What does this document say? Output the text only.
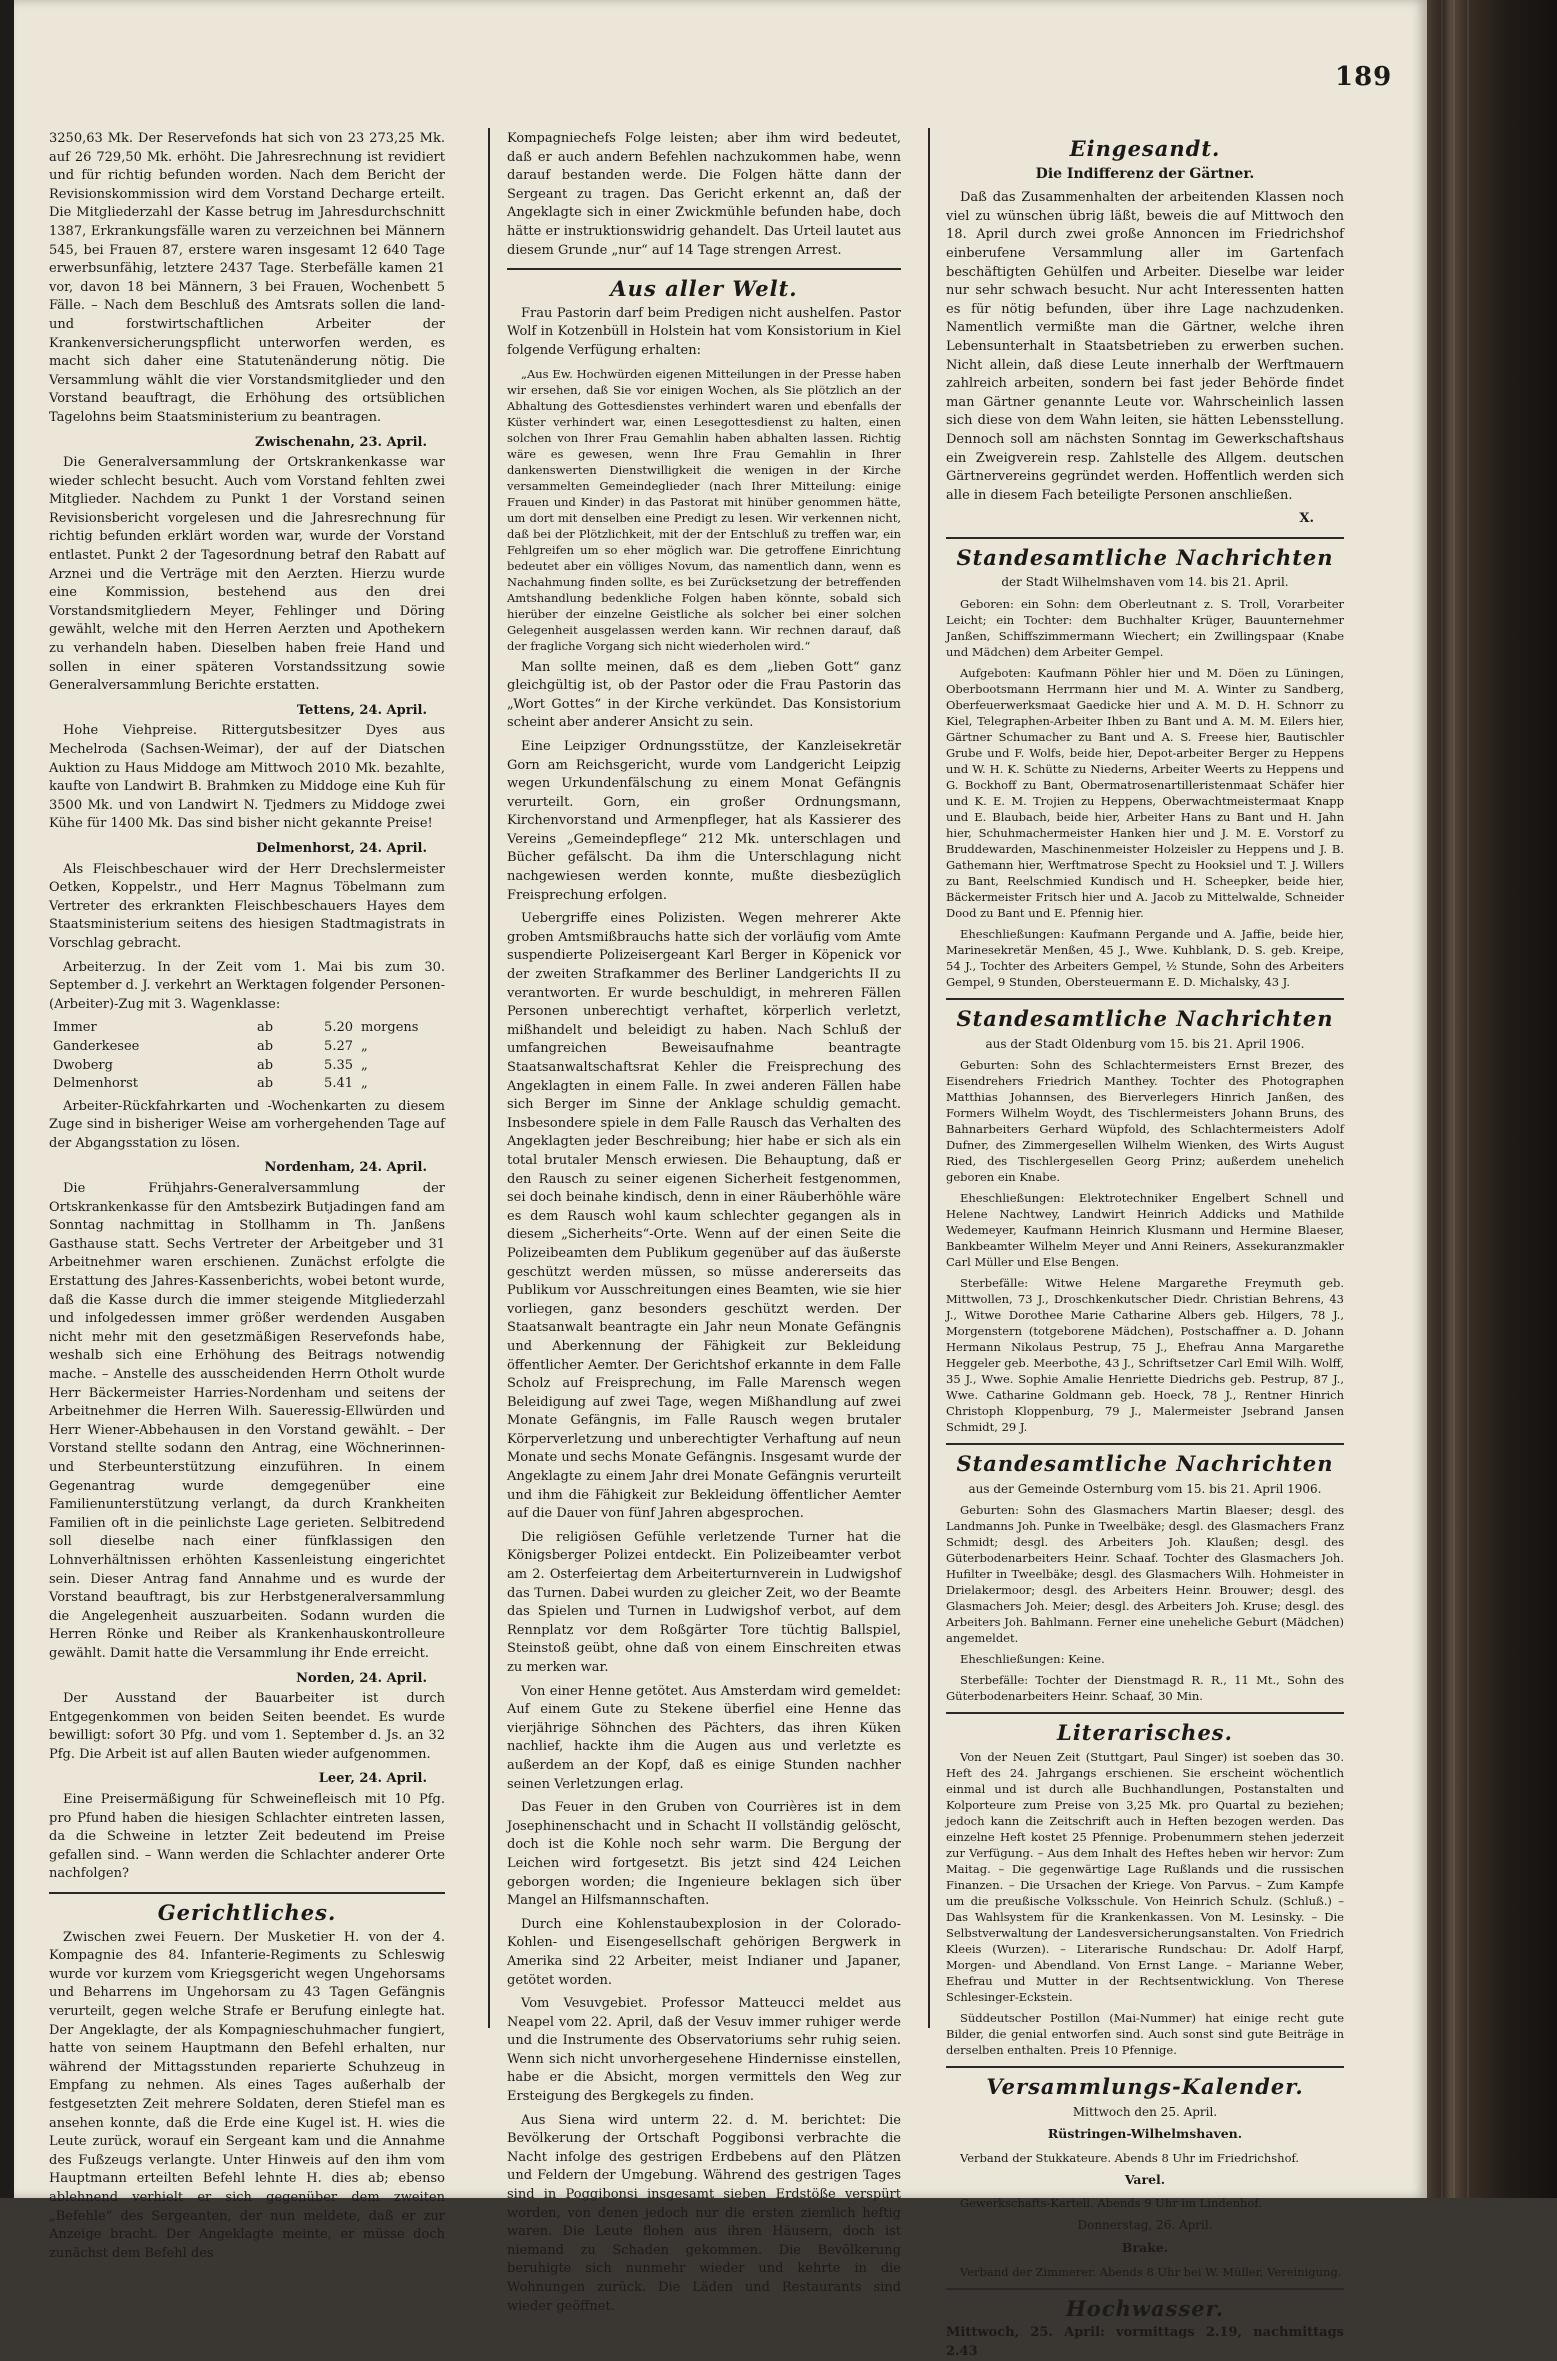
189

3250,63 Mk. Der Reservefonds hat sich von 23 273,25 Mk. auf 26 729,50 Mk. erhöht. Die Jahresrechnung ist revidiert und für richtig befunden worden. Nach dem Bericht der Revisionskommission wird dem Vorstand Decharge erteilt. Die Mitgliederzahl der Kasse betrug im Jahresdurchschnitt 1387, Erkrankungsfälle waren zu verzeichnen bei Männern 545, bei Frauen 87, erstere waren insgesamt 12 640 Tage erwerbsunfähig, letztere 2437 Tage. Sterbefälle kamen 21 vor, davon 18 bei Männern, 3 bei Frauen, Wochenbett 5 Fälle. – Nach dem Beschluß des Amtsrats sollen die land- und forstwirtschaftlichen Arbeiter der Krankenversicherungspflicht unterworfen werden, es macht sich daher eine Statutenänderung nötig. Die Versammlung wählt die vier Vorstandsmitglieder und den Vorstand beauftragt, die Erhöhung des ortsüblichen Tagelohns beim Staatsministerium zu beantragen.

Zwischenahn, 23. April.

Die Generalversammlung der Ortskrankenkasse war wieder schlecht besucht. Auch vom Vorstand fehlten zwei Mitglieder. Nachdem zu Punkt 1 der Vorstand seinen Revisionsbericht vorgelesen und die Jahresrechnung für richtig befunden erklärt worden war, wurde der Vorstand entlastet. Punkt 2 der Tagesordnung betraf den Rabatt auf Arznei und die Verträge mit den Aerzten. Hierzu wurde eine Kommission, bestehend aus den drei Vorstandsmitgliedern Meyer, Fehlinger und Döring gewählt, welche mit den Herren Aerzten und Apothekern zu verhandeln haben. Dieselben haben freie Hand und sollen in einer späteren Vorstandssitzung sowie Generalversammlung Berichte erstatten.

Tettens, 24. April.

Hohe Viehpreise. Rittergutsbesitzer Dyes aus Mechelroda (Sachsen-Weimar), der auf der Diatschen Auktion zu Haus Middoge am Mittwoch 2010 Mk. bezahlte, kaufte von Landwirt B. Brahmken zu Middoge eine Kuh für 3500 Mk. und von Landwirt N. Tjedmers zu Middoge zwei Kühe für 1400 Mk. Das sind bisher nicht gekannte Preise!

Delmenhorst, 24. April.

Als Fleischbeschauer wird der Herr Drechslermeister Oetken, Koppelstr., und Herr Magnus Töbelmann zum Vertreter des erkrankten Fleischbeschauers Hayes dem Staatsministerium seitens des hiesigen Stadtmagistrats in Vorschlag gebracht.

Arbeiterzug. In der Zeit vom 1. Mai bis zum 30. September d. J. verkehrt an Werktagen folgender Personen-(Arbeiter)-Zug mit 3. Wagenklasse:

Immer	ab	5.20	morgens
Ganderkesee	ab	5.27	„
Dwoberg	ab	5.35	„
Delmenhorst	ab	5.41	„

Arbeiter-Rückfahrkarten und -Wochenkarten zu diesem Zuge sind in bisheriger Weise am vorhergehenden Tage auf der Abgangsstation zu lösen.

Nordenham, 24. April.

Die Frühjahrs-Generalversammlung der Ortskrankenkasse für den Amtsbezirk Butjadingen fand am Sonntag nachmittag in Stollhamm in Th. Janßens Gasthause statt. Sechs Vertreter der Arbeitgeber und 31 Arbeitnehmer waren erschienen. Zunächst erfolgte die Erstattung des Jahres-Kassenberichts, wobei betont wurde, daß die Kasse durch die immer steigende Mitgliederzahl und infolgedessen immer größer werdenden Ausgaben nicht mehr mit den gesetzmäßigen Reservefonds habe, weshalb sich eine Erhöhung des Beitrags notwendig mache. – Anstelle des ausscheidenden Herrn Otholt wurde Herr Bäckermeister Harries-Nordenham und seitens der Arbeitnehmer die Herren Wilh. Saueressig-Ellwürden und Herr Wiener-Abbehausen in den Vorstand gewählt. – Der Vorstand stellte sodann den Antrag, eine Wöchnerinnen- und Sterbeunterstützung einzuführen. In einem Gegenantrag wurde demgegenüber eine Familienunterstützung verlangt, da durch Krankheiten Familien oft in die peinlichste Lage gerieten. Selbitredend soll dieselbe nach einer fünfklassigen den Lohnverhältnissen erhöhten Kassenleistung eingerichtet sein. Dieser Antrag fand Annahme und es wurde der Vorstand beauftragt, bis zur Herbstgeneralversammlung die Angelegenheit auszuarbeiten. Sodann wurden die Herren Rönke und Reiber als Krankenhauskontrolleure gewählt. Damit hatte die Versammlung ihr Ende erreicht.

Norden, 24. April.

Der Ausstand der Bauarbeiter ist durch Entgegenkommen von beiden Seiten beendet. Es wurde bewilligt: sofort 30 Pfg. und vom 1. September d. Js. an 32 Pfg. Die Arbeit ist auf allen Bauten wieder aufgenommen.

Leer, 24. April.

Eine Preisermäßigung für Schweinefleisch mit 10 Pfg. pro Pfund haben die hiesigen Schlachter eintreten lassen, da die Schweine in letzter Zeit bedeutend im Preise gefallen sind. – Wann werden die Schlachter anderer Orte nachfolgen?

Gerichtliches.

Zwischen zwei Feuern. Der Musketier H. von der 4. Kompagnie des 84. Infanterie-Regiments zu Schleswig wurde vor kurzem vom Kriegsgericht wegen Ungehorsams und Beharrens im Ungehorsam zu 43 Tagen Gefängnis verurteilt, gegen welche Strafe er Berufung einlegte hat. Der Angeklagte, der als Kompagnieschuhmacher fungiert, hatte von seinem Hauptmann den Befehl erhalten, nur während der Mittagsstunden reparierte Schuhzeug in Empfang zu nehmen. Als eines Tages außerhalb der festgesetzten Zeit mehrere Soldaten, deren Stiefel man es ansehen konnte, daß die Erde eine Kugel ist. H. wies die Leute zurück, worauf ein Sergeant kam und die Annahme des Fußzeugs verlangte. Unter Hinweis auf den ihm vom Hauptmann erteilten Befehl lehnte H. dies ab; ebenso ablehnend verhielt er sich gegenüber dem zweiten „Befehle“ des Sergeanten, der nun meldete, daß er zur Anzeige bracht. Der Angeklagte meinte, er müsse doch zunächst dem Befehl des

Kompagniechefs Folge leisten; aber ihm wird bedeutet, daß er auch andern Befehlen nachzukommen habe, wenn darauf bestanden werde. Die Folgen hätte dann der Sergeant zu tragen. Das Gericht erkennt an, daß der Angeklagte sich in einer Zwickmühle befunden habe, doch hätte er instruktionswidrig gehandelt. Das Urteil lautet aus diesem Grunde „nur“ auf 14 Tage strengen Arrest.

Aus aller Welt.

Frau Pastorin darf beim Predigen nicht aushelfen. Pastor Wolf in Kotzenbüll in Holstein hat vom Konsistorium in Kiel folgende Verfügung erhalten:

„Aus Ew. Hochwürden eigenen Mitteilungen in der Presse haben wir ersehen, daß Sie vor einigen Wochen, als Sie plötzlich an der Abhaltung des Gottesdienstes verhindert waren und ebenfalls der Küster verhindert war, einen Lesegottesdienst zu halten, einen solchen von Ihrer Frau Gemahlin haben abhalten lassen. Richtig wäre es gewesen, wenn Ihre Frau Gemahlin in Ihrer dankenswerten Dienstwilligkeit die wenigen in der Kirche versammelten Gemeindeglieder (nach Ihrer Mitteilung: einige Frauen und Kinder) in das Pastorat mit hinüber genommen hätte, um dort mit denselben eine Predigt zu lesen. Wir verkennen nicht, daß bei der Plötzlichkeit, mit der der Entschluß zu treffen war, ein Fehlgreifen um so eher möglich war. Die getroffene Einrichtung bedeutet aber ein völliges Novum, das namentlich dann, wenn es Nachahmung finden sollte, es bei Zurücksetzung der betreffenden Amtshandlung bedenkliche Folgen haben könnte, sobald sich hierüber der einzelne Geistliche als solcher bei einer solchen Gelegenheit ausgelassen werden kann. Wir rechnen darauf, daß der fragliche Vorgang sich nicht wiederholen wird.“

Man sollte meinen, daß es dem „lieben Gott“ ganz gleichgültig ist, ob der Pastor oder die Frau Pastorin das „Wort Gottes“ in der Kirche verkündet. Das Konsistorium scheint aber anderer Ansicht zu sein.

Eine Leipziger Ordnungsstütze, der Kanzleisekretär Gorn am Reichsgericht, wurde vom Landgericht Leipzig wegen Urkundenfälschung zu einem Monat Gefängnis verurteilt. Gorn, ein großer Ordnungsmann, Kirchenvorstand und Armenpfleger, hat als Kassierer des Vereins „Gemeindepflege“ 212 Mk. unterschlagen und Bücher gefälscht. Da ihm die Unterschlagung nicht nachgewiesen werden konnte, mußte diesbezüglich Freisprechung erfolgen.

Uebergriffe eines Polizisten. Wegen mehrerer Akte groben Amtsmißbrauchs hatte sich der vorläufig vom Amte suspendierte Polizeisergeant Karl Berger in Köpenick vor der zweiten Strafkammer des Berliner Landgerichts II zu verantworten. Er wurde beschuldigt, in mehreren Fällen Personen unberechtigt verhaftet, körperlich verletzt, mißhandelt und beleidigt zu haben. Nach Schluß der umfangreichen Beweisaufnahme beantragte Staatsanwaltschaftsrat Kehler die Freisprechung des Angeklagten in einem Falle. In zwei anderen Fällen habe sich Berger im Sinne der Anklage schuldig gemacht. Insbesondere spiele in dem Falle Rausch das Verhalten des Angeklagten jeder Beschreibung; hier habe er sich als ein total brutaler Mensch erwiesen. Die Behauptung, daß er den Rausch zu seiner eigenen Sicherheit festgenommen, sei doch beinahe kindisch, denn in einer Räuberhöhle wäre es dem Rausch wohl kaum schlechter gegangen als in diesem „Sicherheits“-Orte. Wenn auf der einen Seite die Polizeibeamten dem Publikum gegenüber auf das äußerste geschützt werden müssen, so müsse andererseits das Publikum vor Ausschreitungen eines Beamten, wie sie hier vorliegen, ganz besonders geschützt werden. Der Staatsanwalt beantragte ein Jahr neun Monate Gefängnis und Aberkennung der Fähigkeit zur Bekleidung öffentlicher Aemter. Der Gerichtshof erkannte in dem Falle Scholz auf Freisprechung, im Falle Marensch wegen Beleidigung auf zwei Tage, wegen Mißhandlung auf zwei Monate Gefängnis, im Falle Rausch wegen brutaler Körperverletzung und unberechtigter Verhaftung auf neun Monate und sechs Monate Gefängnis. Insgesamt wurde der Angeklagte zu einem Jahr drei Monate Gefängnis verurteilt und ihm die Fähigkeit zur Bekleidung öffentlicher Aemter auf die Dauer von fünf Jahren abgesprochen.

Die religiösen Gefühle verletzende Turner hat die Königsberger Polizei entdeckt. Ein Polizeibeamter verbot am 2. Osterfeiertag dem Arbeiterturnverein in Ludwigshof das Turnen. Dabei wurden zu gleicher Zeit, wo der Beamte das Spielen und Turnen in Ludwigshof verbot, auf dem Rennplatz vor dem Roßgärter Tore tüchtig Ballspiel, Steinstoß geübt, ohne daß von einem Einschreiten etwas zu merken war.

Von einer Henne getötet. Aus Amsterdam wird gemeldet: Auf einem Gute zu Stekene überfiel eine Henne das vierjährige Söhnchen des Pächters, das ihren Küken nachlief, hackte ihm die Augen aus und verletzte es außerdem an der Kopf, daß es einige Stunden nachher seinen Verletzungen erlag.

Das Feuer in den Gruben von Courrières ist in dem Josephinenschacht und in Schacht II vollständig gelöscht, doch ist die Kohle noch sehr warm. Die Bergung der Leichen wird fortgesetzt. Bis jetzt sind 424 Leichen geborgen worden; die Ingenieure beklagen sich über Mangel an Hilfsmannschaften.

Durch eine Kohlenstaubexplosion in der Colorado-Kohlen- und Eisengesellschaft gehörigen Bergwerk in Amerika sind 22 Arbeiter, meist Indianer und Japaner, getötet worden.

Vom Vesuvgebiet. Professor Matteucci meldet aus Neapel vom 22. April, daß der Vesuv immer ruhiger werde und die Instrumente des Observatoriums sehr ruhig seien. Wenn sich nicht unvorhergesehene Hindernisse einstellen, habe er die Absicht, morgen vermittels den Weg zur Ersteigung des Bergkegels zu finden.

Aus Siena wird unterm 22. d. M. berichtet: Die Bevölkerung der Ortschaft Poggibonsi verbrachte die Nacht infolge des gestrigen Erdbebens auf den Plätzen und Feldern der Umgebung. Während des gestrigen Tages sind in Poggibonsi insgesamt sieben Erdstöße verspürt worden, von denen jedoch nur die ersten ziemlich heftig waren. Die Leute flohen aus ihren Häusern, doch ist niemand zu Schaden gekommen. Die Bevölkerung beruhigte sich nunmehr wieder und kehrte in die Wohnungen zurück. Die Läden und Restaurants sind wieder geöffnet.

Eingesandt.
Die Indifferenz der Gärtner.

Daß das Zusammenhalten der arbeitenden Klassen noch viel zu wünschen übrig läßt, beweis die auf Mittwoch den 18. April durch zwei große Annoncen im Friedrichshof einberufene Versammlung aller im Gartenfach beschäftigten Gehülfen und Arbeiter. Dieselbe war leider nur sehr schwach besucht. Nur acht Interessenten hatten es für nötig befunden, über ihre Lage nachzudenken. Namentlich vermißte man die Gärtner, welche ihren Lebensunterhalt in Staatsbetrieben zu erwerben suchen. Nicht allein, daß diese Leute innerhalb der Werftmauern zahlreich arbeiten, sondern bei fast jeder Behörde findet man Gärtner genannte Leute vor. Wahrscheinlich lassen sich diese von dem Wahn leiten, sie hätten Lebensstellung. Dennoch soll am nächsten Sonntag im Gewerkschaftshaus ein Zweigverein resp. Zahlstelle des Allgem. deutschen Gärtnervereins gegründet werden. Hoffentlich werden sich alle in diesem Fach beteiligte Personen anschließen.

X.
Standesamtliche Nachrichten
der Stadt Wilhelmshaven vom 14. bis 21. April.

Geboren: ein Sohn: dem Oberleutnant z. S. Troll, Vorarbeiter Leicht; ein Tochter: dem Buchhalter Krüger, Bauunternehmer Janßen, Schiffszimmermann Wiechert; ein Zwillingspaar (Knabe und Mädchen) dem Arbeiter Gempel.

Aufgeboten: Kaufmann Pöhler hier und M. Döen zu Lüningen, Oberbootsmann Herrmann hier und M. A. Winter zu Sandberg, Oberfeuerwerksmaat Gaedicke hier und A. M. D. H. Schnorr zu Kiel, Telegraphen-Arbeiter Ihben zu Bant und A. M. M. Eilers hier, Gärtner Schumacher zu Bant und A. S. Freese hier, Bautischler Grube und F. Wolfs, beide hier, Depot-arbeiter Berger zu Heppens und W. H. K. Schütte zu Niederns, Arbeiter Weerts zu Heppens und G. Bockhoff zu Bant, Obermatrosenartilleristenmaat Schäfer hier und K. E. M. Trojien zu Heppens, Oberwachtmeistermaat Knapp und E. Blaubach, beide hier, Arbeiter Hans zu Bant und H. Jahn hier, Schuhmachermeister Hanken hier und J. M. E. Vorstorf zu Bruddewarden, Maschinenmeister Holzeisler zu Heppens und J. B. Gathemann hier, Werftmatrose Specht zu Hooksiel und T. J. Willers zu Bant, Reelschmied Kundisch und H. Scheepker, beide hier, Bäckermeister Fritsch hier und A. Jacob zu Mittelwalde, Schneider Dood zu Bant und E. Pfennig hier.

Eheschließungen: Kaufmann Pergande und A. Jaffie, beide hier, Marinesekretär Menßen, 45 J., Wwe. Kuhblank, D. S. geb. Kreipe, 54 J., Tochter des Arbeiters Gempel, ½ Stunde, Sohn des Arbeiters Gempel, 9 Stunden, Obersteuermann E. D. Michalsky, 43 J.

Standesamtliche Nachrichten
aus der Stadt Oldenburg vom 15. bis 21. April 1906.

Geburten: Sohn des Schlachtermeisters Ernst Brezer, des Eisendrehers Friedrich Manthey. Tochter des Photographen Matthias Johannsen, des Bierverlegers Hinrich Janßen, des Formers Wilhelm Woydt, des Tischlermeisters Johann Bruns, des Bahnarbeiters Gerhard Wüpfold, des Schlachtermeisters Adolf Dufner, des Zimmergesellen Wilhelm Wienken, des Wirts August Ried, des Tischlergesellen Georg Prinz; außerdem unehelich geboren ein Knabe.

Eheschließungen: Elektrotechniker Engelbert Schnell und Helene Nachtwey, Landwirt Heinrich Addicks und Mathilde Wedemeyer, Kaufmann Heinrich Klusmann und Hermine Blaeser, Bankbeamter Wilhelm Meyer und Anni Reiners, Assekuranzmakler Carl Müller und Else Bengen.

Sterbefälle: Witwe Helene Margarethe Freymuth geb. Mittwollen, 73 J., Droschkenkutscher Diedr. Christian Behrens, 43 J., Witwe Dorothee Marie Catharine Albers geb. Hilgers, 78 J., Morgenstern (totgeborene Mädchen), Postschaffner a. D. Johann Hermann Nikolaus Pestrup, 75 J., Ehefrau Anna Margarethe Heggeler geb. Meerbothe, 43 J., Schriftsetzer Carl Emil Wilh. Wolff, 35 J., Wwe. Sophie Amalie Henriette Diedrichs geb. Pestrup, 87 J., Wwe. Catharine Goldmann geb. Hoeck, 78 J., Rentner Hinrich Christoph Kloppenburg, 79 J., Malermeister Jsebrand Jansen Schmidt, 29 J.

Standesamtliche Nachrichten
aus der Gemeinde Osternburg vom 15. bis 21. April 1906.

Geburten: Sohn des Glasmachers Martin Blaeser; desgl. des Landmanns Joh. Punke in Tweelbäke; desgl. des Glasmachers Franz Schmidt; desgl. des Arbeiters Joh. Klaußen; desgl. des Güterbodenarbeiters Heinr. Schaaf. Tochter des Glasmachers Joh. Hufilter in Tweelbäke; desgl. des Glasmachers Wilh. Hohmeister in Drielakermoor; desgl. des Arbeiters Heinr. Brouwer; desgl. des Glasmachers Joh. Meier; desgl. des Arbeiters Joh. Kruse; desgl. des Arbeiters Joh. Bahlmann. Ferner eine uneheliche Geburt (Mädchen) angemeldet.

Eheschließungen: Keine.

Sterbefälle: Tochter der Dienstmagd R. R., 11 Mt., Sohn des Güterbodenarbeiters Heinr. Schaaf, 30 Min.

Literarisches.

Von der Neuen Zeit (Stuttgart, Paul Singer) ist soeben das 30. Heft des 24. Jahrgangs erschienen. Sie erscheint wöchentlich einmal und ist durch alle Buchhandlungen, Postanstalten und Kolporteure zum Preise von 3,25 Mk. pro Quartal zu beziehen; jedoch kann die Zeitschrift auch in Heften bezogen werden. Das einzelne Heft kostet 25 Pfennige. Probenummern stehen jederzeit zur Verfügung. – Aus dem Inhalt des Heftes heben wir hervor: Zum Maitag. – Die gegenwärtige Lage Rußlands und die russischen Finanzen. – Die Ursachen der Kriege. Von Parvus. – Zum Kampfe um die preußische Volksschule. Von Heinrich Schulz. (Schluß.) – Das Wahlsystem für die Krankenkassen. Von M. Lesinsky. – Die Selbstverwaltung der Landesversicherungsanstalten. Von Friedrich Kleeis (Wurzen). – Literarische Rundschau: Dr. Adolf Harpf, Morgen- und Abendland. Von Ernst Lange. – Marianne Weber, Ehefrau und Mutter in der Rechtsentwicklung. Von Therese Schlesinger-Eckstein.

Süddeutscher Postillon (Mai-Nummer) hat einige recht gute Bilder, die genial entworfen sind. Auch sonst sind gute Beiträge in derselben enthalten. Preis 10 Pfennige.

Versammlungs-Kalender.
Mittwoch den 25. April.
Rüstringen-Wilhelmshaven.

Verband der Stukkateure. Abends 8 Uhr im Friedrichshof.

Varel.

Gewerkschafts-Kartell. Abends 9 Uhr im Lindenhof.

Donnerstag, 26. April.
Brake.

Verband der Zimmerer. Abends 8 Uhr bei W. Müller, Vereinigung.

Hochwasser.
Mittwoch, 25. April: vormittags 2.19, nachmittags 2.43
